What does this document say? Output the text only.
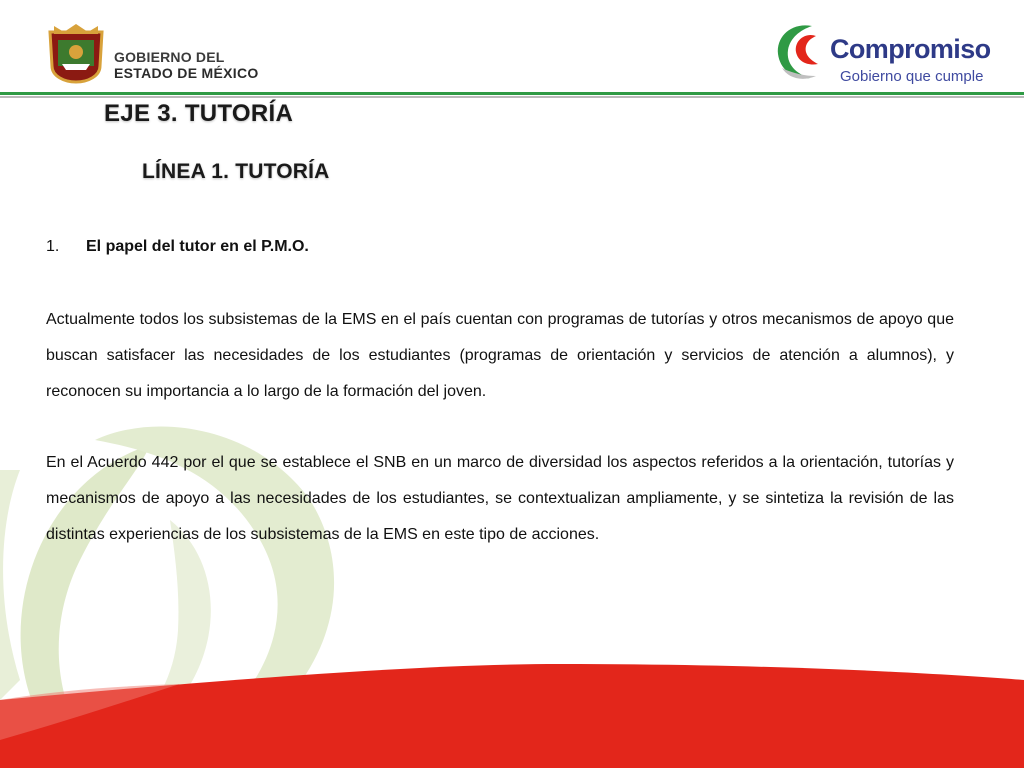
GOBIERNO DEL
ESTADO DE MÉXICO
Compromiso
Gobierno que cumple
EJE 3. TUTORÍA
LÍNEA 1. TUTORÍA
1.	El papel del tutor en el P.M.O.

Actualmente todos los subsistemas de la EMS en el país cuentan con programas de tutorías y otros mecanismos de apoyo que buscan satisfacer las necesidades de los estudiantes (programas de orientación y servicios de atención a alumnos), y reconocen su importancia a lo largo de la formación del joven.

En el Acuerdo 442 por el que se establece el SNB en un marco de diversidad los aspectos referidos a la orientación, tutorías y mecanismos de apoyo a las necesidades de los estudiantes, se contextualizan ampliamente, y se sintetiza la revisión de las distintas experiencias de los subsistemas de la EMS en este tipo de acciones.
